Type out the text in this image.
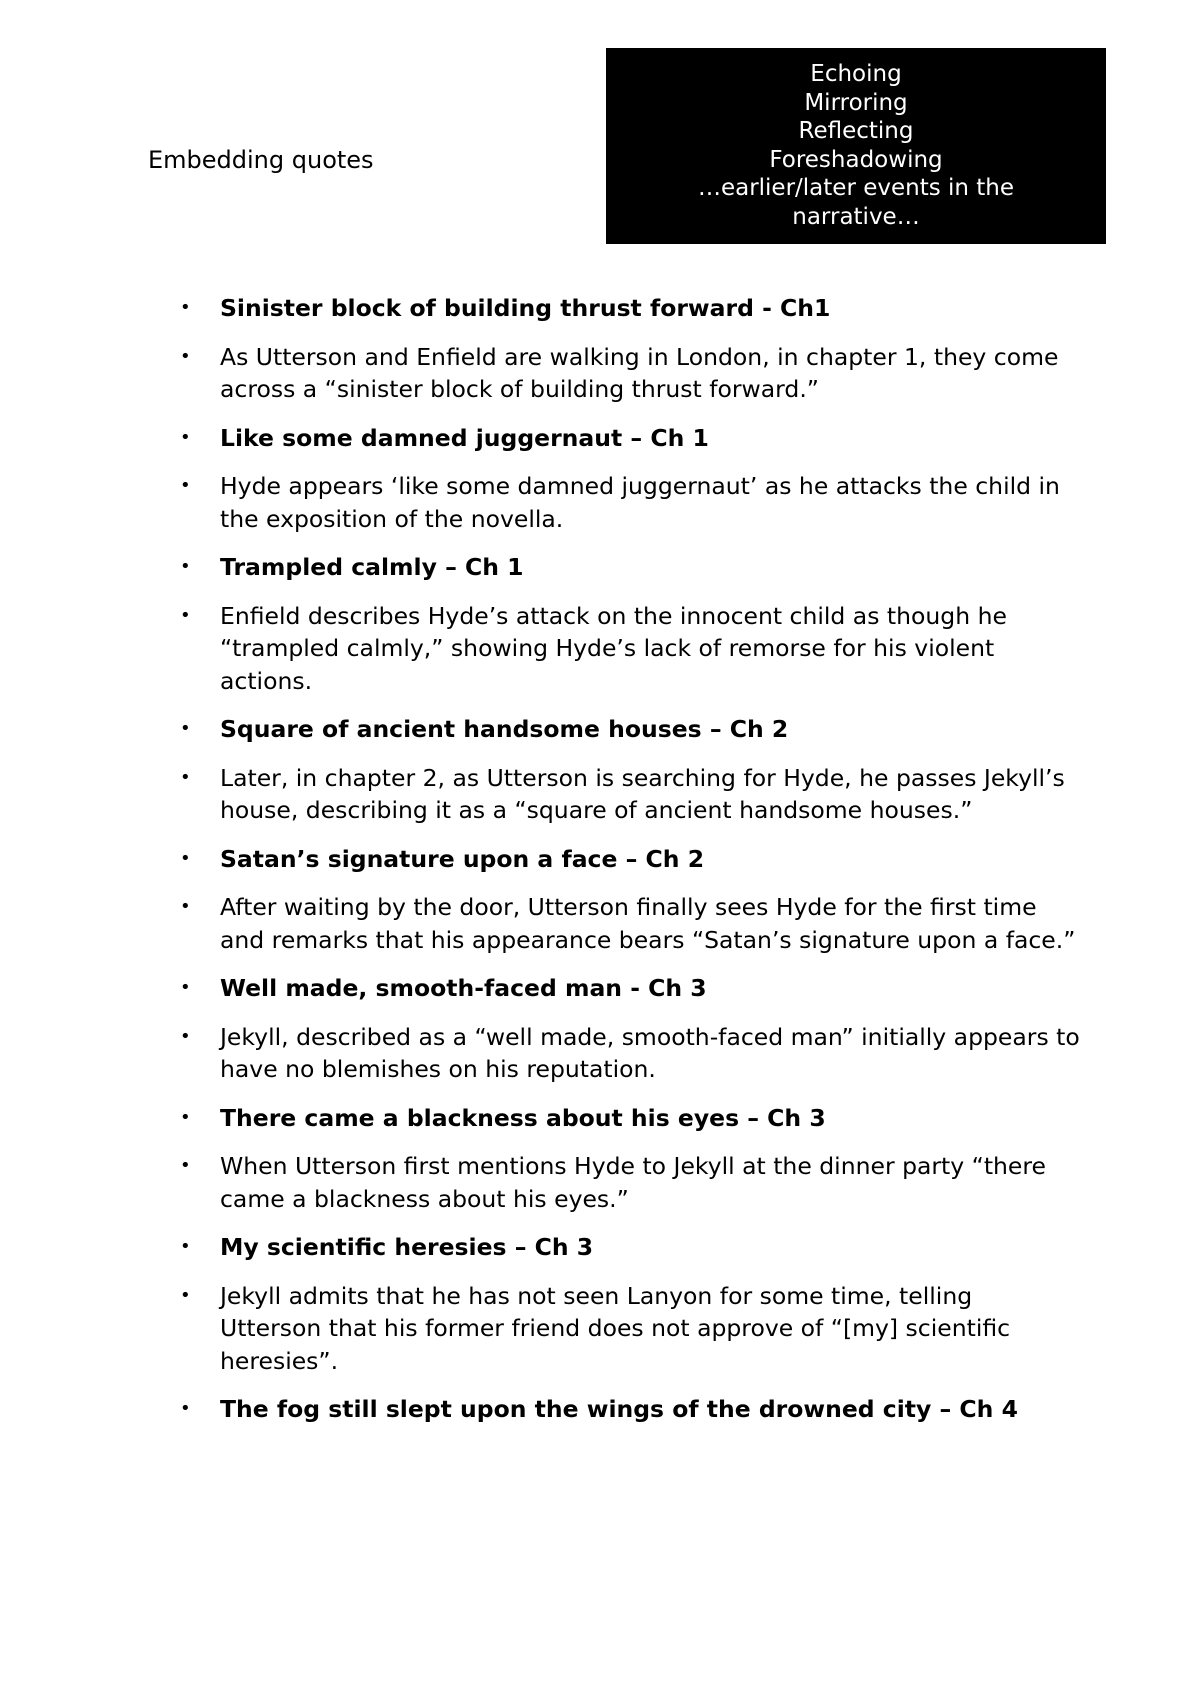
Embedding quotes
Echoing
Mirroring
Reflecting
Foreshadowing
…earlier/later events in the
narrative…
• Sinister block of building thrust forward - Ch1
• As Utterson and Enfield are walking in London, in chapter 1, they come across a “sinister block of building thrust forward.”
• Like some damned juggernaut – Ch 1
• Hyde appears ‘like some damned juggernaut’ as he attacks the child in the exposition of the novella.
• Trampled calmly – Ch 1
• Enfield describes Hyde’s attack on the innocent child as though he “trampled calmly,” showing Hyde’s lack of remorse for his violent actions.
• Square of ancient handsome houses – Ch 2
• Later, in chapter 2, as Utterson is searching for Hyde, he passes Jekyll’s house, describing it as a “square of ancient handsome houses.”
• Satan’s signature upon a face – Ch 2
• After waiting by the door, Utterson finally sees Hyde for the first time and remarks that his appearance bears “Satan’s signature upon a face.”
• Well made, smooth-faced man - Ch 3
• Jekyll, described as a “well made, smooth-faced man” initially appears to have no blemishes on his reputation.
• There came a blackness about his eyes – Ch 3
• When Utterson first mentions Hyde to Jekyll at the dinner party “there came a blackness about his eyes.”
• My scientific heresies – Ch 3
• Jekyll admits that he has not seen Lanyon for some time, telling Utterson that his former friend does not approve of “[my] scientific heresies”.
• The fog still slept upon the wings of the drowned city – Ch 4
